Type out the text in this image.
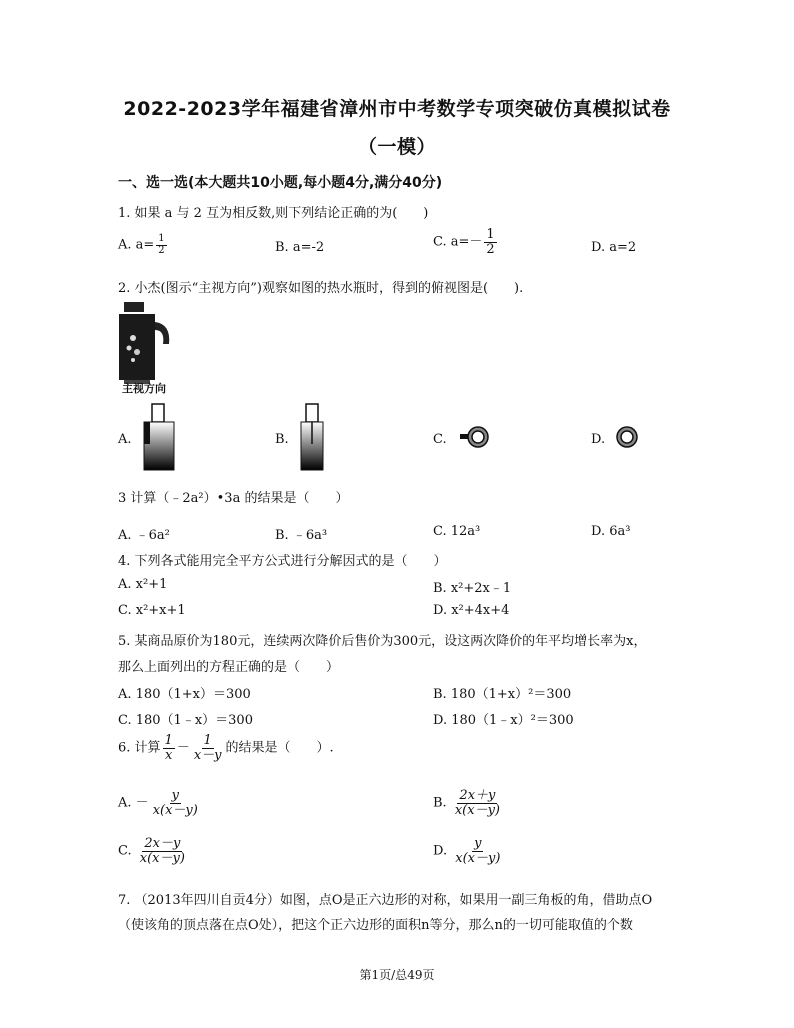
2022-2023学年福建省漳州市中考数学专项突破仿真模拟试卷
（一模）
一、选一选(本大题共10小题,每小题4分,满分40分)
1. 如果 a 与 2 互为相反数,则下列结论正确的为(　　)
A. $a= \frac{1}{2}$	B. a=-2	C. $a=- \frac{1}{2}$	D. a=2
2. 小杰(图示“主视方向”)观察如图的热水瓶时，得到的俯视图是(　　).
主视方向
A.	B.	C.	D.
3 计算（﹣2a²）•3a 的结果是（　　）
A. ﹣6a²	B. ﹣6a³	C. 12a³	D. 6a³
4. 下列各式能用完全平方公式进行分解因式的是（　　）
A. x²+1	B. x²+2x﹣1
C. x²+x+1	D. x²+4x+4
5. 某商品原价为180元，连续两次降价后售价为300元，设这两次降价的年平均增长率为x，
那么上面列出的方程正确的是（　　）
A. 180（1+x）＝300	B. 180（1+x）²＝300
C. 180（1﹣x）＝300	D. 180（1﹣x）²＝300
6. 计算 $\frac{1}{x} - \frac{1}{x-y}$ 的结果是（　　）.
A. － $\frac{y}{x(x-y)}$	B. $\frac{2x+y}{x(x-y)}$
C. $\frac{2x-y}{x(x-y)}$	D. $\frac{y}{x(x-y)}$
7. （2013年四川自贡4分）如图，点O是正六边形的对称，如果用一副三角板的角，借助点O
（使该角的顶点落在点O处），把这个正六边形的面积n等分，那么n的一切可能取值的个数
第1页/总49页
